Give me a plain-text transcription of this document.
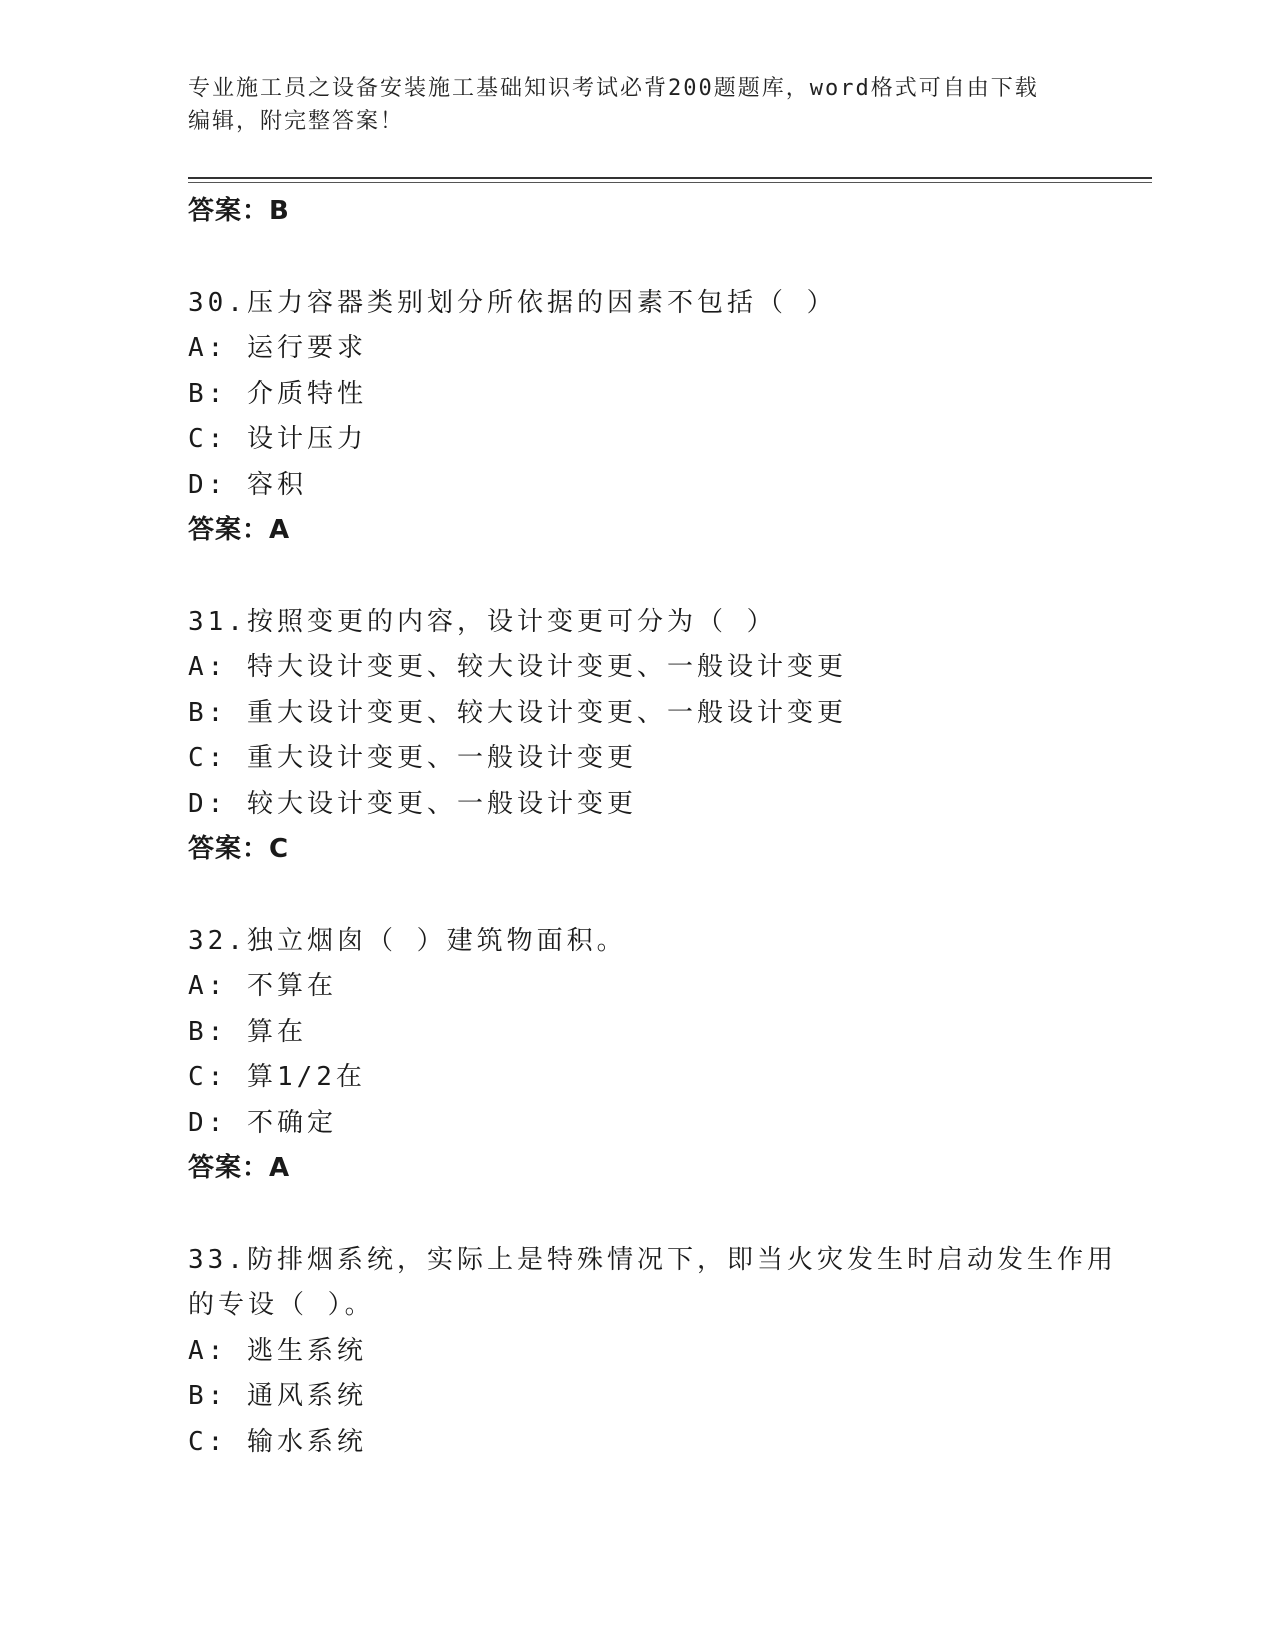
专业施工员之设备安装施工基础知识考试必背200题题库，word格式可自由下载
编辑，附完整答案！
答案：B
30.压力容器类别划分所依据的因素不包括（ ）
A: 运行要求
B: 介质特性
C: 设计压力
D: 容积
答案：A
31.按照变更的内容，设计变更可分为（ ）
A: 特大设计变更、较大设计变更、一般设计变更
B: 重大设计变更、较大设计变更、一般设计变更
C: 重大设计变更、一般设计变更
D: 较大设计变更、一般设计变更
答案：C
32.独立烟囱（ ）建筑物面积。
A: 不算在
B: 算在
C: 算1/2在
D: 不确定
答案：A
33.防排烟系统，实际上是特殊情况下，即当火灾发生时启动发生作用
的专设（ ）。
A: 逃生系统
B: 通风系统
C: 输水系统
